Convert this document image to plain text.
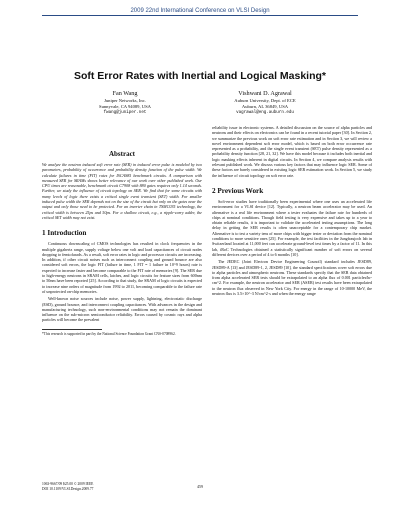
2009 22nd International Conference on VLSI Design
Soft Error Rates with Inertial and Logical Masking*
Fan Wang
Juniper Networks, Inc.
Sunnyvale, CA 94089, USA
fwang@juniper.net
Vishwani D. Agrawal
Auburn University, Dept. of ECE
Auburn, AL 36849, USA
vagrawal@eng.auburn.edu
Abstract

We analyze the neutron induced soft error rate (SER) in induced error pulse is modeled by two parameters, probability of occurrence and probability density function of the pulse width. We calculate failures in time (FIT) rates for ISCAS85 benchmark circuits. A comparison with measured SER for SRAMs shows better relevance of our work over other published work. Our CPU times are reasonable, benchmark circuit C7908 with 880 gates requires only 1.14 seconds. Further, we study the influence of circuit topology on SER. We find that for some circuits with many levels of logic there exists a critical single event transient (SET) width. For smaller induced pulse width the SER depends not on the size of the circuit but only on the gates near the output and only those need to be protected. For an inverter chain in TSMC035 technology, the critical width is between 25ps and 50ps. For a shallow circuit, e.g., a ripple-carry adder, the critical SET width may not exist.

1 Introduction

Continuous downscaling of CMOS technologies has resulted in clock frequencies in the multiple gigahertz range, supply voltage below one volt and load capacitances of circuit nodes dropping to femtofarads. As a result, soft error rates in logic and processor circuits are increasing. In addition, if other circuit noises such as interconnect coupling and ground bounce are also considered soft errors, the logic FIT (failure in time, 1 FIT = 1 failure in 10^9 hours) rate is expected to increase faster and become comparable to the FIT rate of memories [9]. The SER due to high-energy neutrons in SRAM cells, latches, and logic circuits for feature sizes from 600nm to 50nm have been reported [25]. According to that study, the SRAM of logic circuits is expected to increase nine orders of magnitude from 1992 to 2011, becoming comparable to the failure rate of unprotected on-chip memories.

Well-known noise sources include noise, power supply, lightning, electrostatic discharge (ESD), ground bounce, and interconnect coupling capacitances. With advances in the design and manufacturing technology, such non-environmental conditions may not remain the dominant influence on the sub-micron semiconductor reliability. Errors caused by cosmic rays and alpha particles will become the prevalent

*This research is supported in part by the National Science Foundation Grant CNS-0708962.

reliability issue in electronic systems. A detailed discussion on the source of alpha particles and neutrons and their effects on electronics can be found in a recent tutorial paper [30]. In Section 2, we summarize the previous work on soft error rate estimation and in Section 3, we will review a novel environment dependent soft error model, which is based on both error occurrence rate represented as a probability, and the single event transient (SET) pulse density represented as a probability density function [28, 21, 32]. We have this model because it includes both inertial and logic masking effects inherent in digital circuits. In Section 4, we compare analysis results with relevant published work. We discuss various key factors that may influence logic SER. Some of these factors are barely considered in existing logic SER estimation work. In Section 5, we study the influence of circuit topology on soft error rate.

2 Previous Work

Soft-error studies have traditionally been experimental where one uses an accelerated life environment for a VLSI device [12]. Typically, a neutron beam accelerator may be used. An alternative is a real life environment where a tester evaluates the failure rate for hundreds of chips at nominal conditions. Though field testing is very expensive and takes up to a year to obtain reliable results, it is important to validate the accelerated testing assumptions. The long delay in getting the SER results is often unacceptable for a contemporary chip market. Alternative is to test a variety tens of more chips with bigger tester or deviation from the nominal conditions to more sensitive ones [25]. For example, the test facilities in the Jungfraujoch lab in Switzerland located at 11,000 feet can accelerate ground-level test times by a factor of 11. In this lab, iRoC Technologies obtained a statistically significant number of soft errors on several different devices over a period of 4 to 6 months [10].

The JEDEC (Joint Electron Device Engineering Council) standard includes JESD89, JESD89-A [13] and JESD89-1, 2, JESD89 [10], the standard specifications cover soft errors due to alpha particles and atmospheric neutrons. These standards specify that the SER data obtained from alpha accelerated SER tests should be extrapolated to an alpha flux of 0.001 particles/hr-cm^2. For example, the neutron accelerator and SER (ASER) test results have been extrapolated to the neutron flux observed in New York City. For energy in the range of 10-10000 MeV, the neutron flux is 3.5×10^-3 N/cm^2·s and when the energy range

1063-9667/09 $25.00 © 2009 IEEE
DOI 10.1109/VLSI.Design.2009.77	459
